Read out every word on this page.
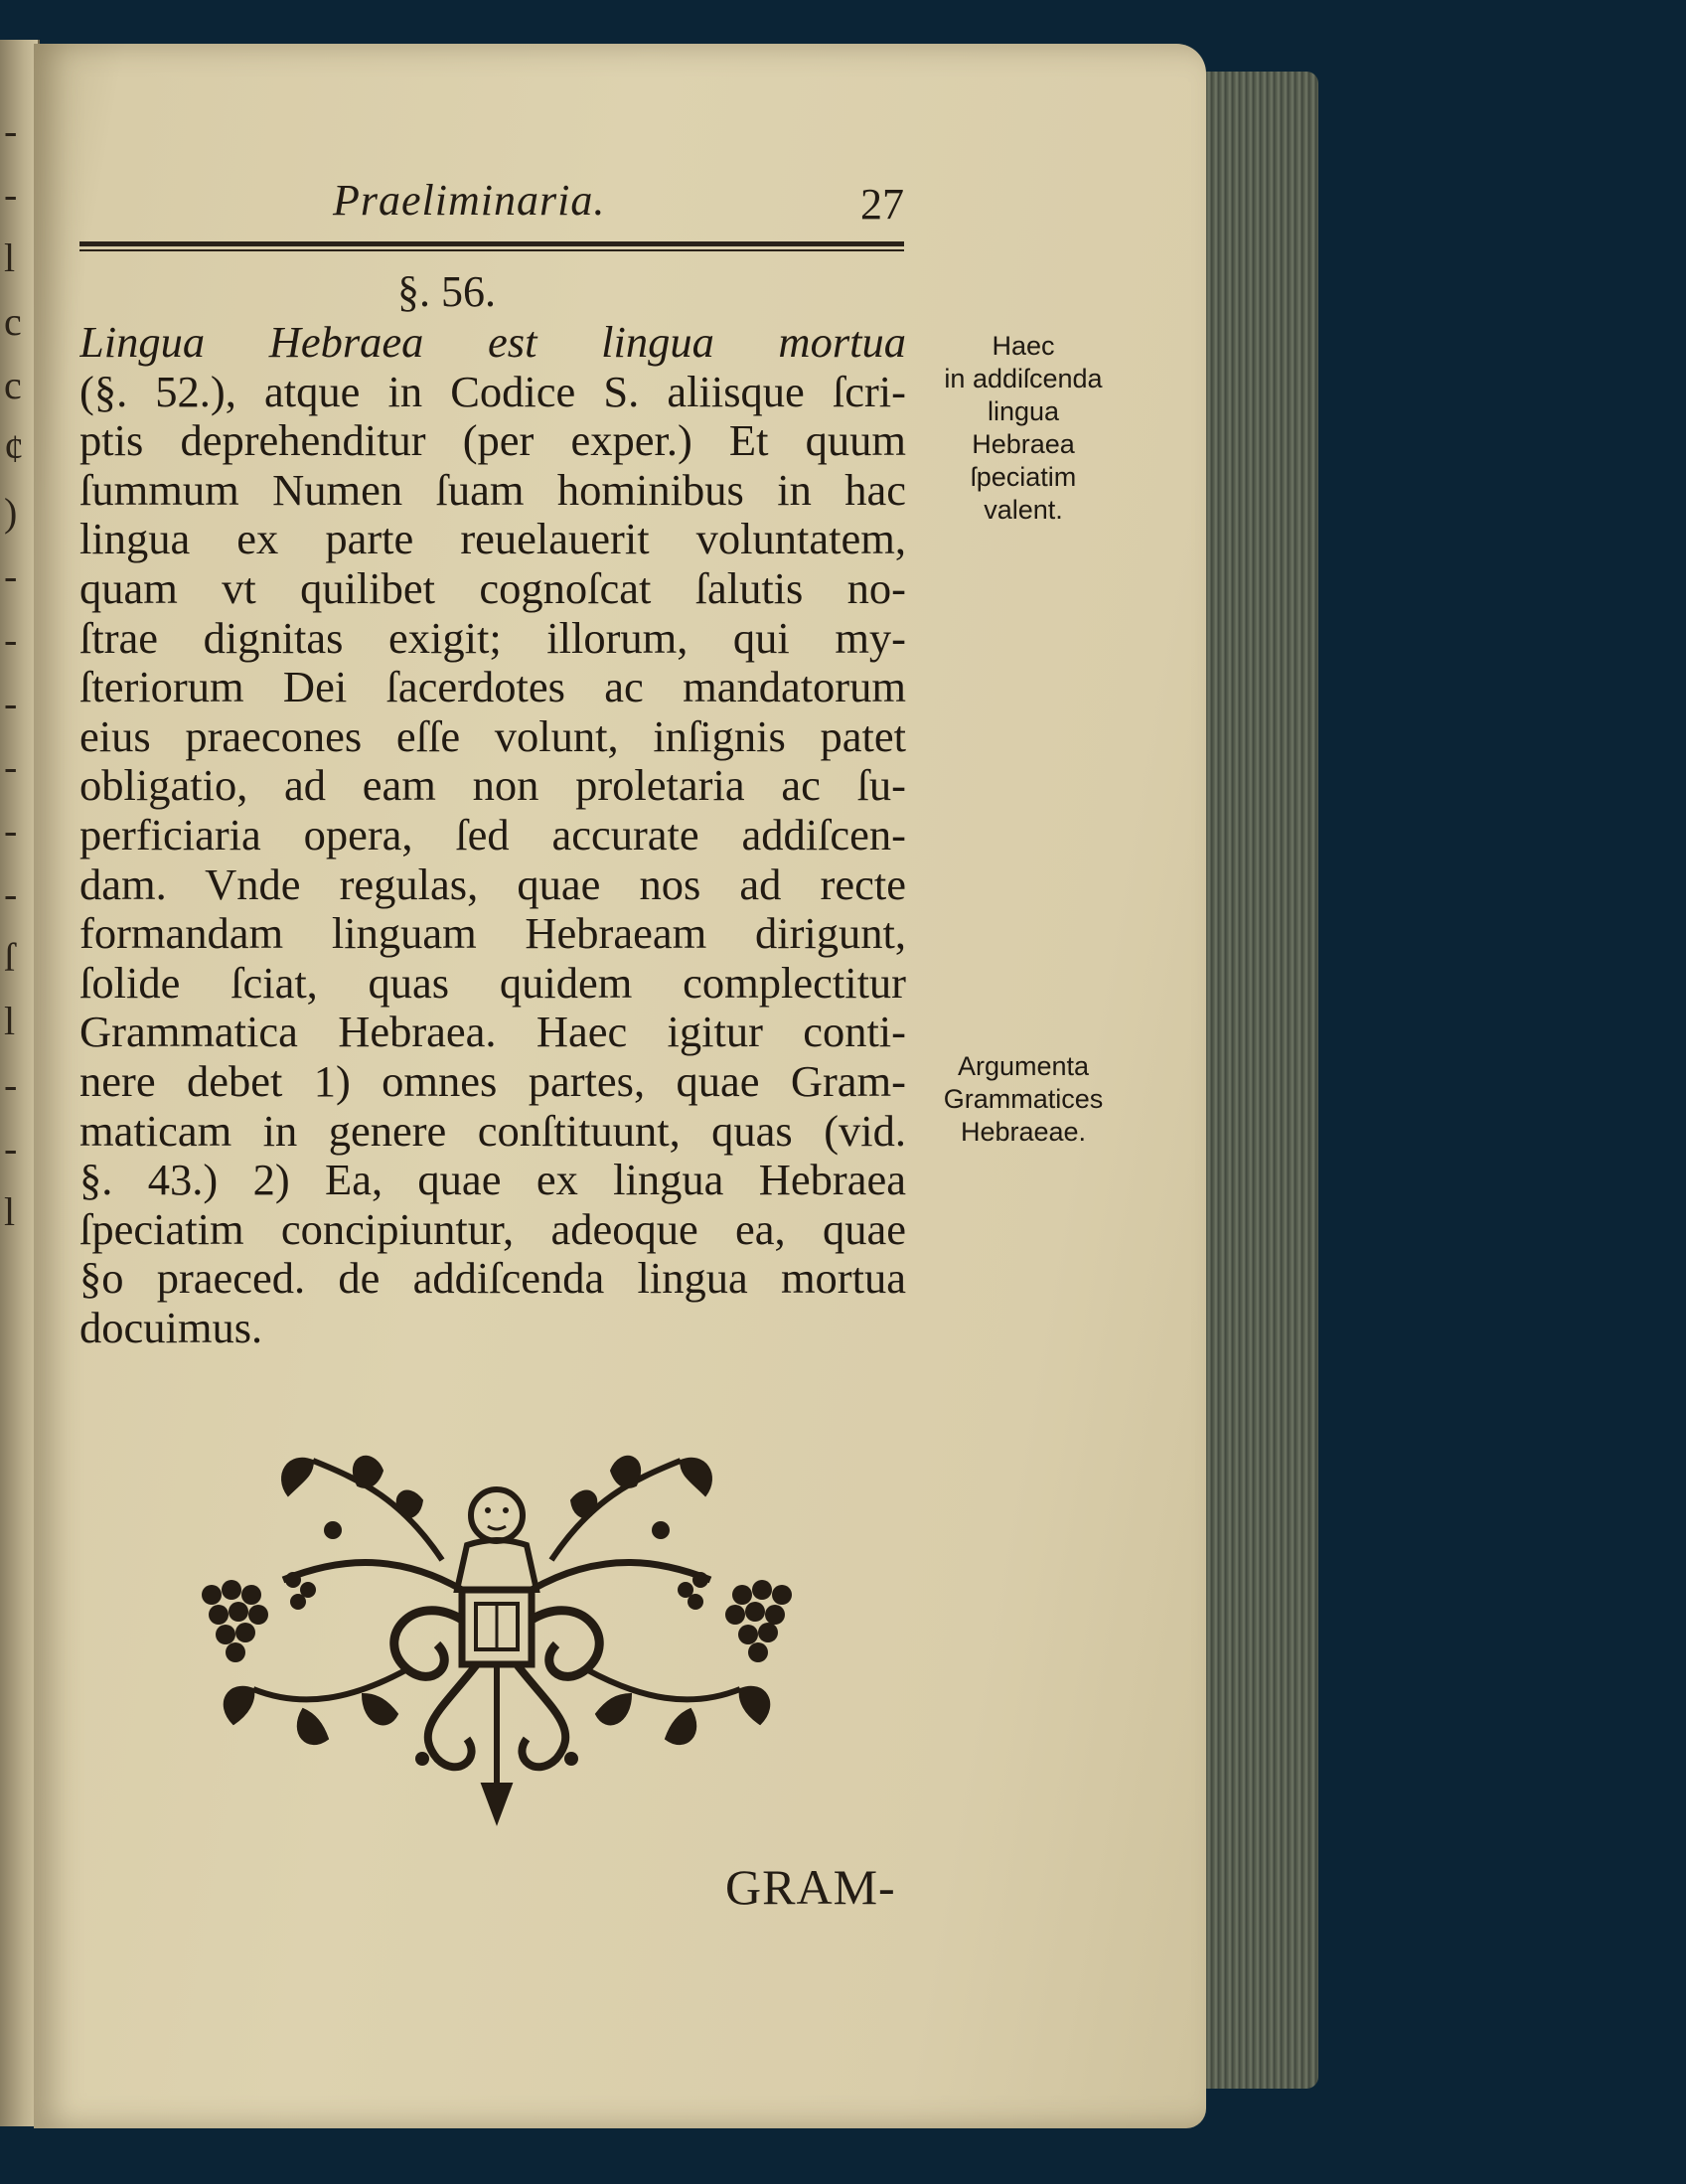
-
-
l
c
c
¢
)
-
-
-
-
-
-
ſ
l
-
-
l
Praeliminaria.	27
§. 56.
Lingua Hebraea est lingua mortua
(§. 52.), atque in Codice S. aliisque ſcri-
ptis deprehenditur (per exper.) Et quum
ſummum Numen ſuam hominibus in hac
lingua ex parte reuelauerit voluntatem,
quam vt quilibet cognoſcat ſalutis no-
ſtrae dignitas exigit; illorum, qui my-
ſteriorum Dei ſacerdotes ac mandatorum
eius praecones eſſe volunt, inſignis patet
obligatio, ad eam non proletaria ac ſu-
perficiaria opera, ſed accurate addiſcen-
dam. Vnde regulas, quae nos ad recte
formandam linguam Hebraeam dirigunt,
ſolide ſciat, quas quidem complectitur
Grammatica Hebraea. Haec igitur conti-
nere debet 1) omnes partes, quae Gram-
maticam in genere conſtituunt, quas (vid.
§. 43.) 2) Ea, quae ex lingua Hebraea
ſpeciatim concipiuntur, adeoque ea, quae
§o praeced. de addiſcenda lingua mortua
docuimus.
Haec
in addiſcenda
lingua
Hebraea
ſpeciatim
valent.
Argumenta
Grammatices
Hebraeae.
GRAM-
